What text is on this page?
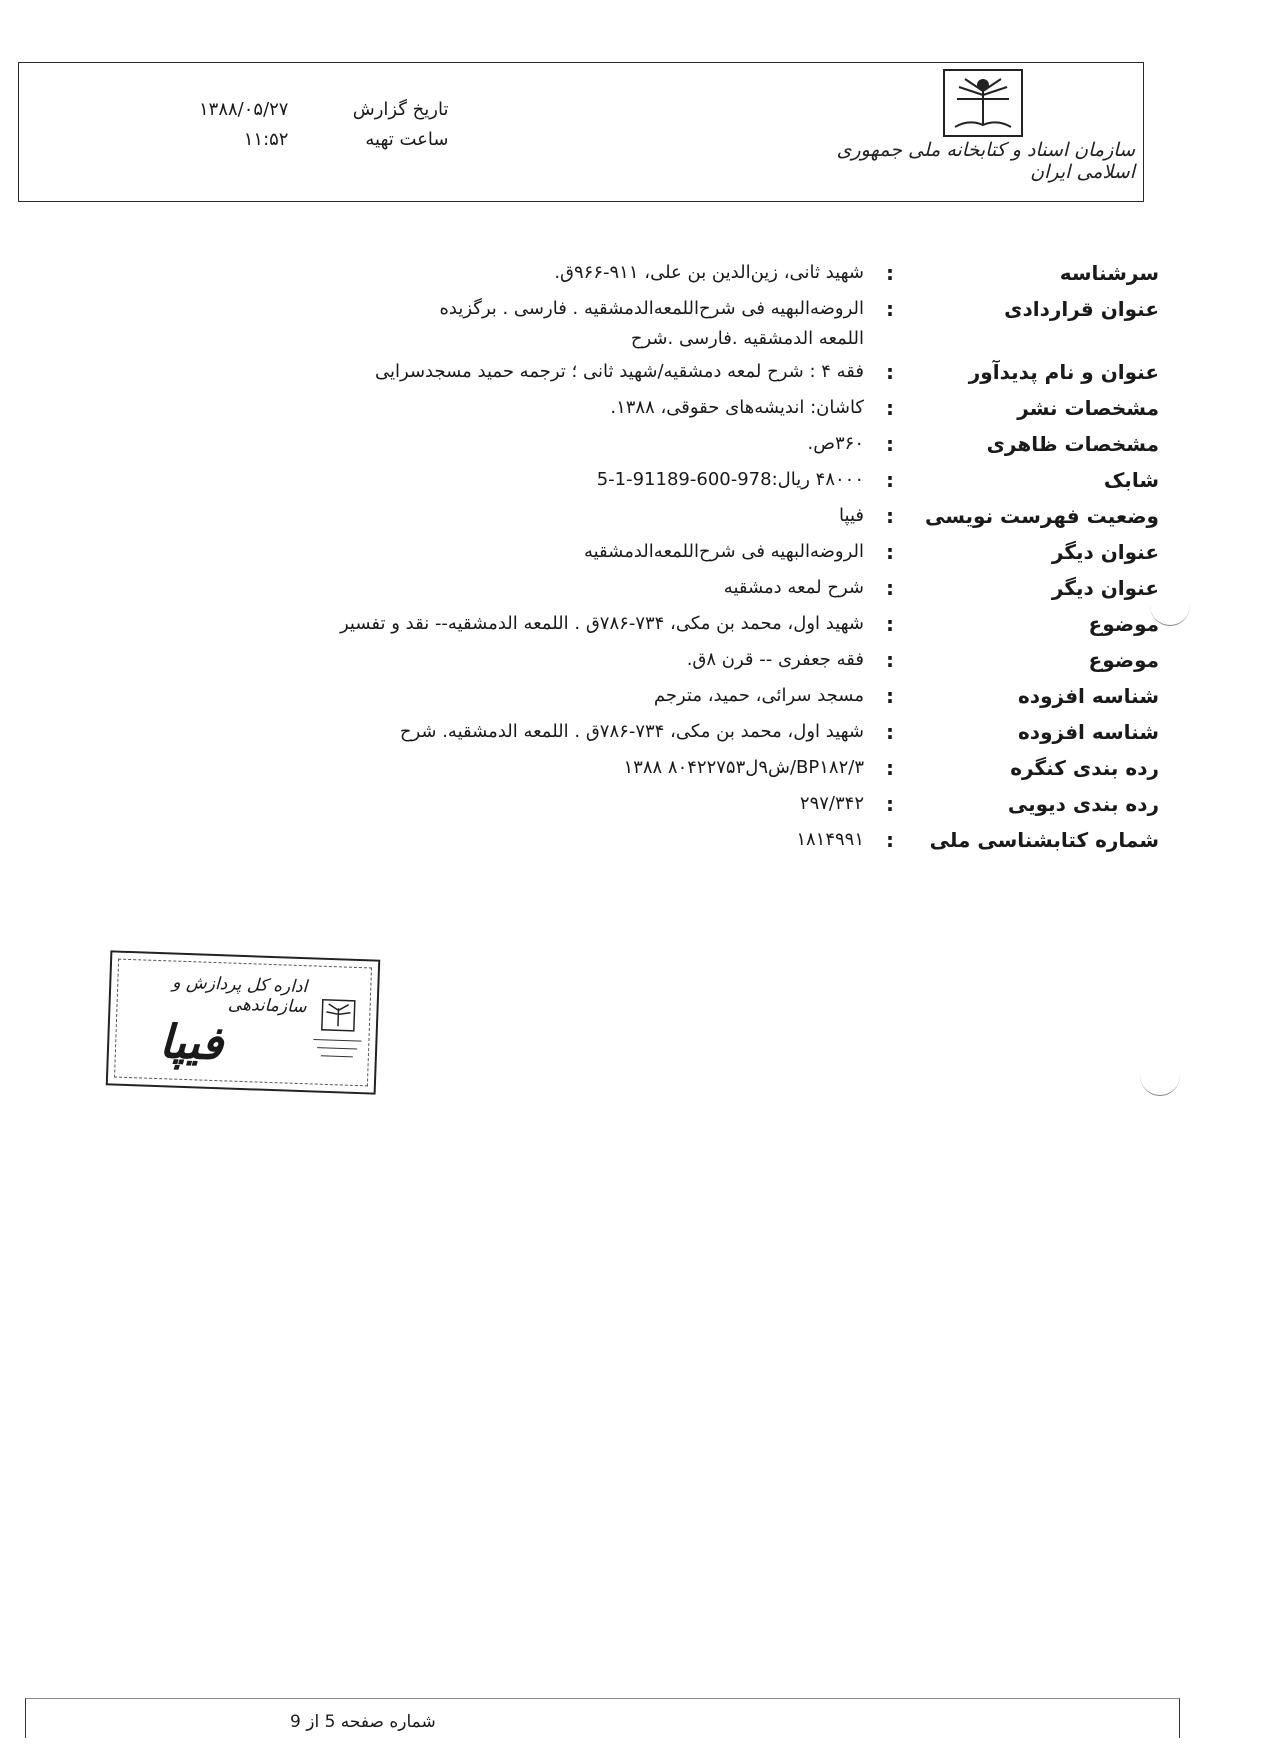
سازمان اسناد و کتابخانه ملی جمهوری اسلامی ایران
تاریخ گزارش
۱۳۸۸/۰۵/۲۷
ساعت تهیه
۱۱:۵۲
سرشناسه
:
شهید ثانی، زین‌الدین بن علی، ۹۱۱-۹۶۶ق.
عنوان قراردادی
:
الروضه‌البهیه فی شرح‌اللمعه‌الدمشقیه . فارسی . برگزیده
اللمعه الدمشقیه .فارسی .شرح
عنوان و نام پدیدآور
:
فقه ۴ : شرح لمعه دمشقیه/شهید ثانی ؛ ترجمه حمید مسجدسرایی
مشخصات نشر
:
کاشان: اندیشه‌های حقوقی، ۱۳۸۸.
مشخصات ظاهری
:
۳۶۰ص.
شابک
:
۴۸۰۰۰ ریال:978-600-91189-1-5
وضعیت فهرست نویسی
:
فیپا
عنوان دیگر
:
الروضه‌البهیه فی شرح‌اللمعه‌الدمشقیه
عنوان دیگر
:
شرح لمعه دمشقیه
موضوع
:
شهید اول، محمد بن مکی، ۷۳۴-۷۸۶ق . اللمعه الدمشقیه-- نقد و تفسیر
موضوع
:
فقه جعفری -- قرن ۸ق.
شناسه افزوده
:
مسجد سرائی، حمید، مترجم
شناسه افزوده
:
شهید اول، محمد بن مکی، ۷۳۴-۷۸۶ق . اللمعه الدمشقیه. شرح
رده بندی کنگره
:
BP۱۸۲/۳/ش۹ل۸۰۴۲۲۷۵۳ ۱۳۸۸
رده بندی دیویی
:
۲۹۷/۳۴۲
شماره کتابشناسی ملی
:
۱۸۱۴۹۹۱
اداره کل پردازش و سازماندهی
فیپا
شماره صفحه 5 از 9
